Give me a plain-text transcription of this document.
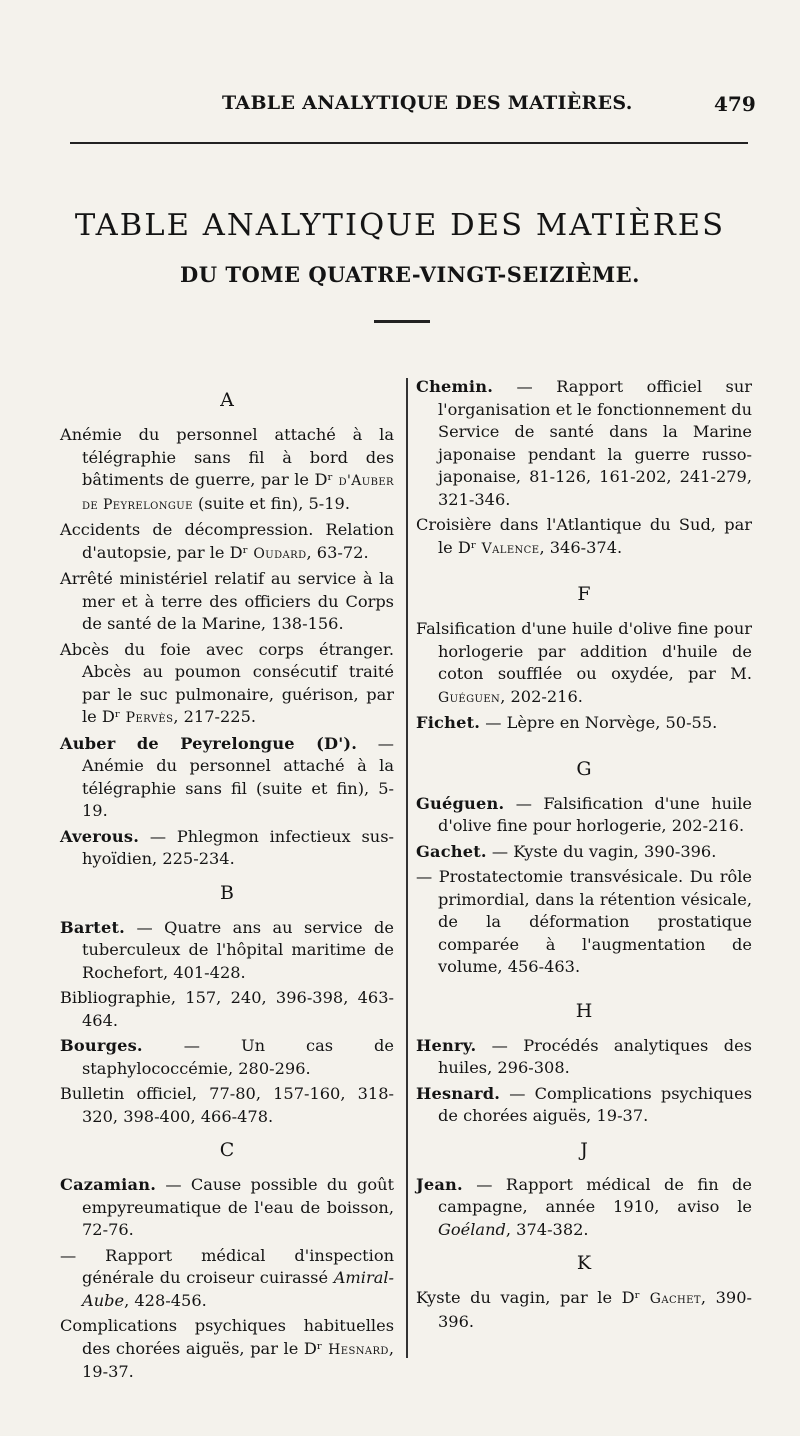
TABLE ANALYTIQUE DES MATIÈRES.	479
TABLE ANALYTIQUE DES MATIÈRES
DU TOME QUATRE-VINGT-SEIZIÈME.
A
Anémie du personnel attaché à la télégraphie sans fil à bord des bâtiments de guerre, par le Dʳ d'Auber de Peyrelongue (suite et fin), 5-19.
Accidents de décompression. Relation d'autopsie, par le Dʳ Oudard, 63-72.
Arrêté ministériel relatif au service à la mer et à terre des officiers du Corps de santé de la Marine, 138-156.
Abcès du foie avec corps étranger. Abcès au poumon consécutif traité par le suc pulmonaire, guérison, par le Dʳ Pervès, 217-225.
Auber de Peyrelongue (D'). — Anémie du personnel attaché à la télégraphie sans fil (suite et fin), 5-19.
Averous. — Phlegmon infectieux sus-hyoïdien, 225-234.
B
Bartet. — Quatre ans au service de tuberculeux de l'hôpital maritime de Rochefort, 401-428.
Bibliographie, 157, 240, 396-398, 463-464.
Bourges. — Un cas de staphylococcémie, 280-296.
Bulletin officiel, 77-80, 157-160, 318-320, 398-400, 466-478.
C
Cazamian. — Cause possible du goût empyreumatique de l'eau de boisson, 72-76.
— Rapport médical d'inspection générale du croiseur cuirassé Amiral-Aube, 428-456.
Complications psychiques habituelles des chorées aiguës, par le Dʳ Hesnard, 19-37.
Chemin. — Rapport officiel sur l'organisation et le fonctionnement du Service de santé dans la Marine japonaise pendant la guerre russo-japonaise, 81-126, 161-202, 241-279, 321-346.
Croisière dans l'Atlantique du Sud, par le Dʳ Valence, 346-374.
F
Falsification d'une huile d'olive fine pour horlogerie par addition d'huile de coton soufflée ou oxydée, par M. Guéguen, 202-216.
Fichet. — Lèpre en Norvège, 50-55.
G
Guéguen. — Falsification d'une huile d'olive fine pour horlogerie, 202-216.
Gachet. — Kyste du vagin, 390-396.
— Prostatectomie transvésicale. Du rôle primordial, dans la rétention vésicale, de la déformation prostatique comparée à l'augmentation de volume, 456-463.
H
Henry. — Procédés analytiques des huiles, 296-308.
Hesnard. — Complications psychiques de chorées aiguës, 19-37.
J
Jean. — Rapport médical de fin de campagne, année 1910, aviso le Goéland, 374-382.
K
Kyste du vagin, par le Dʳ Gachet, 390-396.
